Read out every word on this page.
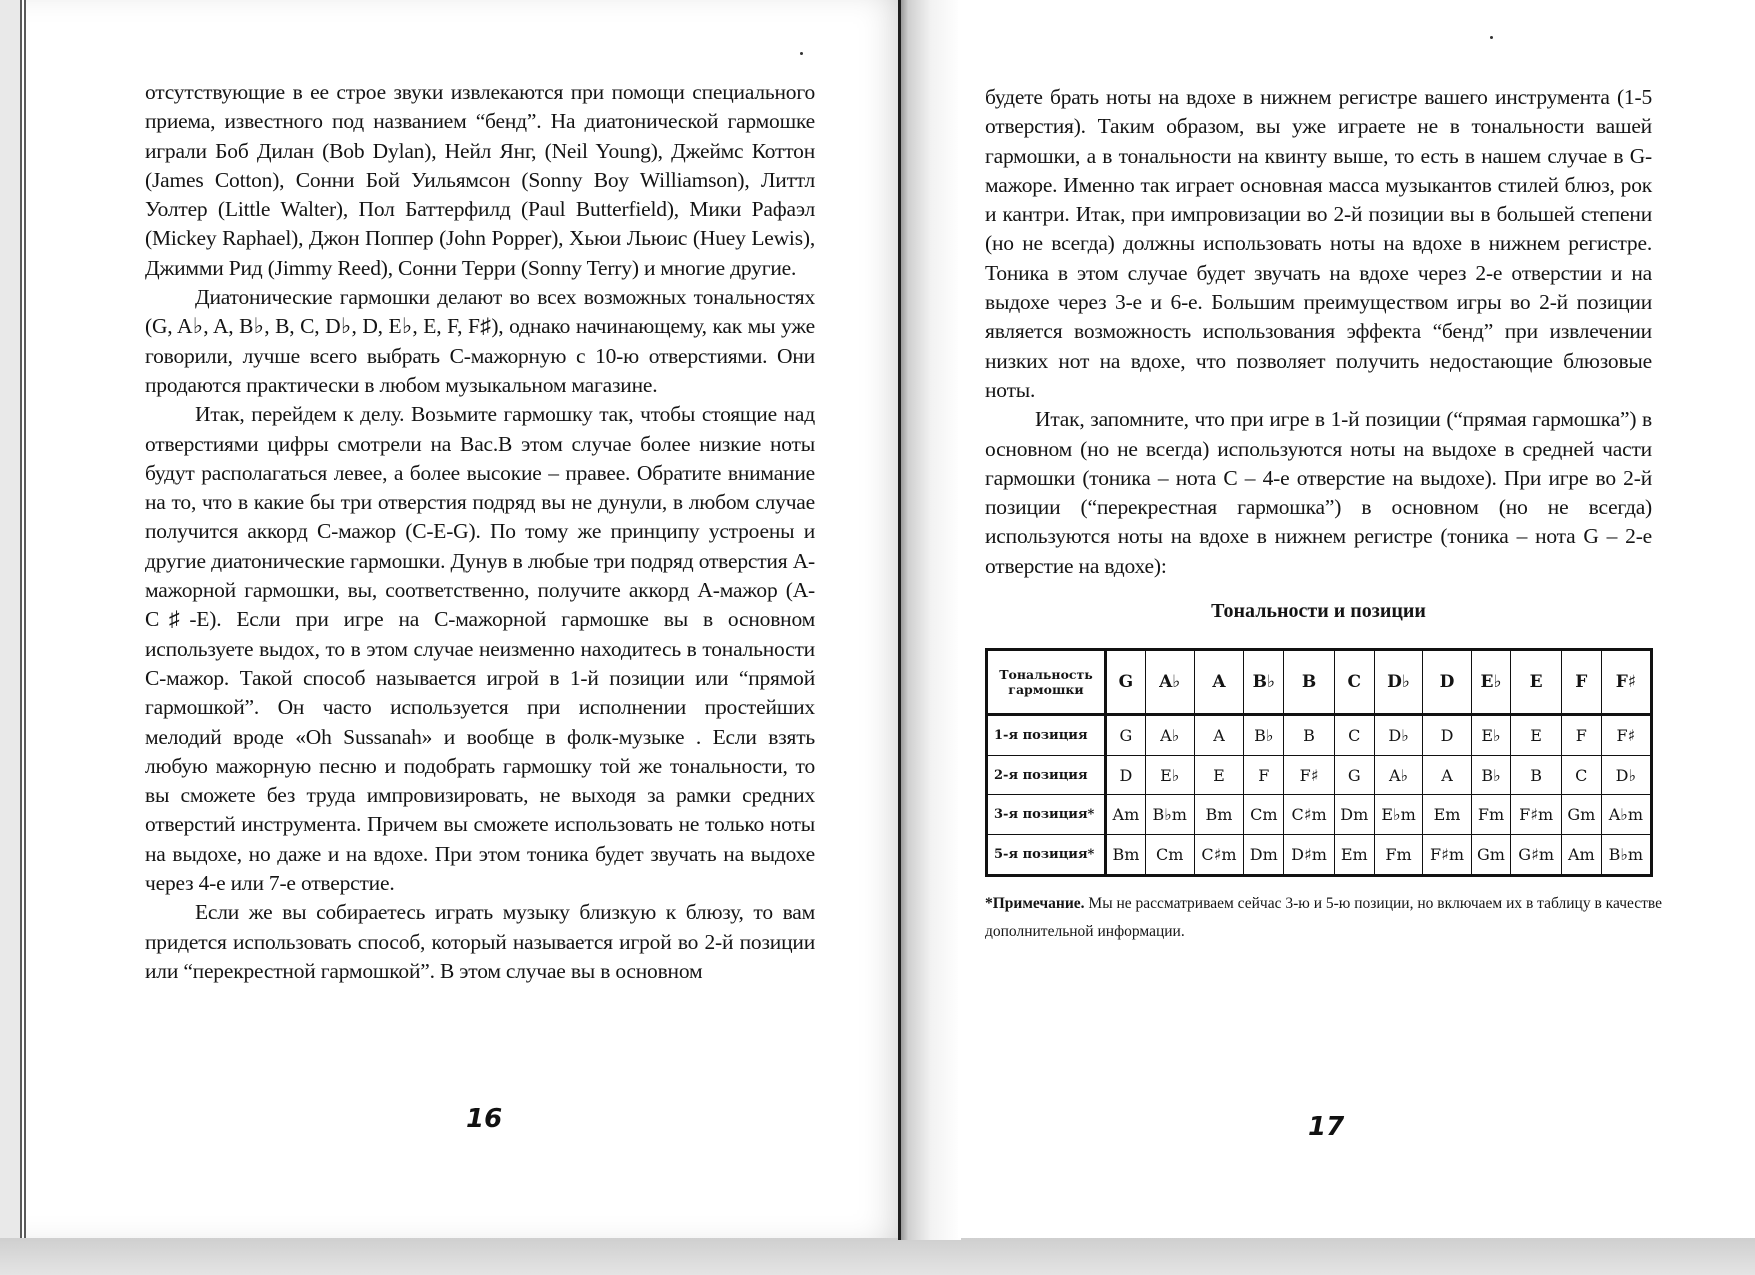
отсутствующие в ее строе звуки извлекаются при помощи специального приема, известного под названием “бенд”. На диатонической гармошке играли Боб Дилан (Bob Dylan), Нейл Янг, (Neil Young), Джеймс Коттон (James Cotton), Сонни Бой Уильямсон (Sonny Boy Williamson), Литтл Уолтер (Little Walter), Пол Баттерфилд (Paul Butterfield), Мики Рафаэл (Mickey Raphael), Джон Поппер (John Popper), Хьюи Льюис (Huey Lewis), Джимми Рид (Jimmy Reed), Сонни Терри (Sonny Terry) и многие другие.

Диатонические гармошки делают во всех возможных тональностях (G, A♭, A, B♭, B, C, D♭, D, E♭, E, F, F♯), однако начинающему, как мы уже говорили, лучше всего выбрать С-мажорную с 10-ю отверстиями. Они продаются практически в любом музыкальном магазине.

Итак, перейдем к делу. Возьмите гармошку так, чтобы стоящие над отверстиями цифры смотрели на Вас.В этом случае более низкие ноты будут располагаться левее, а более высокие – правее. Обратите внимание на то, что в какие бы три отверстия подряд вы не дунули, в любом случае получится аккорд С-мажор (C-E-G). По тому же принципу устроены и другие диатонические гармошки. Дунув в любые три подряд отверстия А-мажорной гармошки, вы, соответственно, получите аккорд А-мажор (A-C♯-E). Если при игре на С-мажорной гармошке вы в основном используете выдох, то в этом случае неизменно находитесь в тональности С-мажор. Такой способ называется игрой в 1-й позиции или “прямой гармошкой”. Он часто используется при исполнении простейших мелодий вроде «Oh Sussanah» и вообще в фолк-музыке . Если взять любую мажорную песню и подобрать гармошку той же тональности, то вы сможете без труда импровизировать, не выходя за рамки средних отверстий инструмента. Причем вы сможете использовать не только ноты на выдохе, но даже и на вдохе. При этом тоника будет звучать на выдохе через 4-е или 7-е отверстие.

Если же вы собираетесь играть музыку близкую к блюзу, то вам придется использовать способ, который называется игрой во 2-й позиции или “перекрестной гармошкой”. В этом случае вы в основном

16

будете брать ноты на вдохе в нижнем регистре вашего инструмента (1-5 отверстия). Таким образом, вы уже играете не в тональности вашей гармошки, а в тональности на квинту выше, то есть в нашем случае в G-мажоре. Именно так играет основная масса музыкантов стилей блюз, рок и кантри. Итак, при импровизации во 2-й позиции вы в большей степени (но не всегда) должны использовать ноты на вдохе в нижнем регистре. Тоника в этом случае будет звучать на вдохе через 2-е отверстии и на выдохе через 3-е и 6-е. Большим преимуществом игры во 2-й позиции является возможность использования эффекта “бенд” при извлечении низких нот на вдохе, что позволяет получить недостающие блюзовые ноты.

Итак, запомните, что при игре в 1-й позиции (“прямая гармошка”) в основном (но не всегда) используются ноты на выдохе в средней части гармошки (тоника – нота С – 4-е отверстие на выдохе). При игре во 2-й позиции (“перекрестная гармошка”) в основном (но не всегда) используются ноты на вдохе в нижнем регистре (тоника – нота G – 2-е отверстие на вдохе):

Тональности и позиции
Тональность гармошки	G	A♭	A	B♭	B	C	D♭	D	E♭	E	F	F♯
1-я позиция	G	A♭	A	B♭	B	C	D♭	D	E♭	E	F	F♯
2-я позиция	D	E♭	E	F	F♯	G	A♭	A	B♭	B	C	D♭
3-я позиция*	Am	B♭m	Bm	Cm	C♯m	Dm	E♭m	Em	Fm	F♯m	Gm	A♭m
5-я позиция*	Bm	Cm	C♯m	Dm	D♯m	Em	Fm	F♯m	Gm	G♯m	Am	B♭m
*Примечание. Мы не рассматриваем сейчас 3-ю и 5-ю позиции, но включаем их в таблицу в качестве дополнительной информации.
17
